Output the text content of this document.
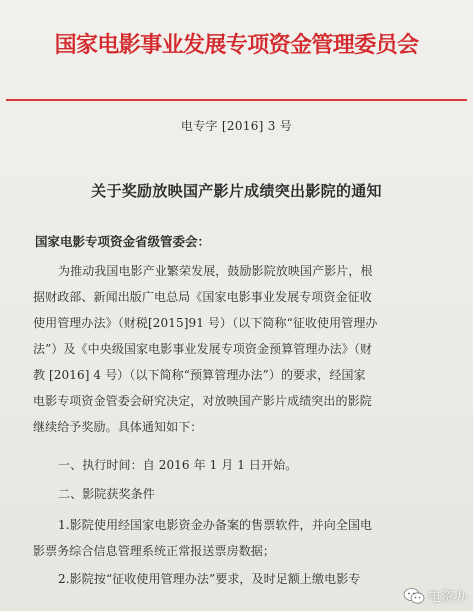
国家电影事业发展专项资金管理委员会
电专字 [2016] 3 号
关于奖励放映国产影片成绩突出影院的通知
国家电影专项资金省级管委会：
为推动我国电影产业繁荣发展，鼓励影院放映国产影片，根
据财政部、新闻出版广电总局《国家电影事业发展专项资金征收
使用管理办法》（财税[2015]91 号）（以下简称“征收使用管理办
法”）及《中央级国家电影事业发展专项资金预算管理办法》（财
教 [2016] 4 号）（以下简称“预算管理办法”）的要求，经国家
电影专项资金管委会研究决定，对放映国产影片成绩突出的影院
继续给予奖励。具体通知如下：
一、执行时间：自 2016 年 1 月 1 日开始。
二、影院获奖条件
1.影院使用经国家电影资金办备案的售票软件，并向全国电
影票务综合信息管理系统正常报送票房数据；
2.影院按“征收使用管理办法”要求，及时足额上缴电影专
电资办
